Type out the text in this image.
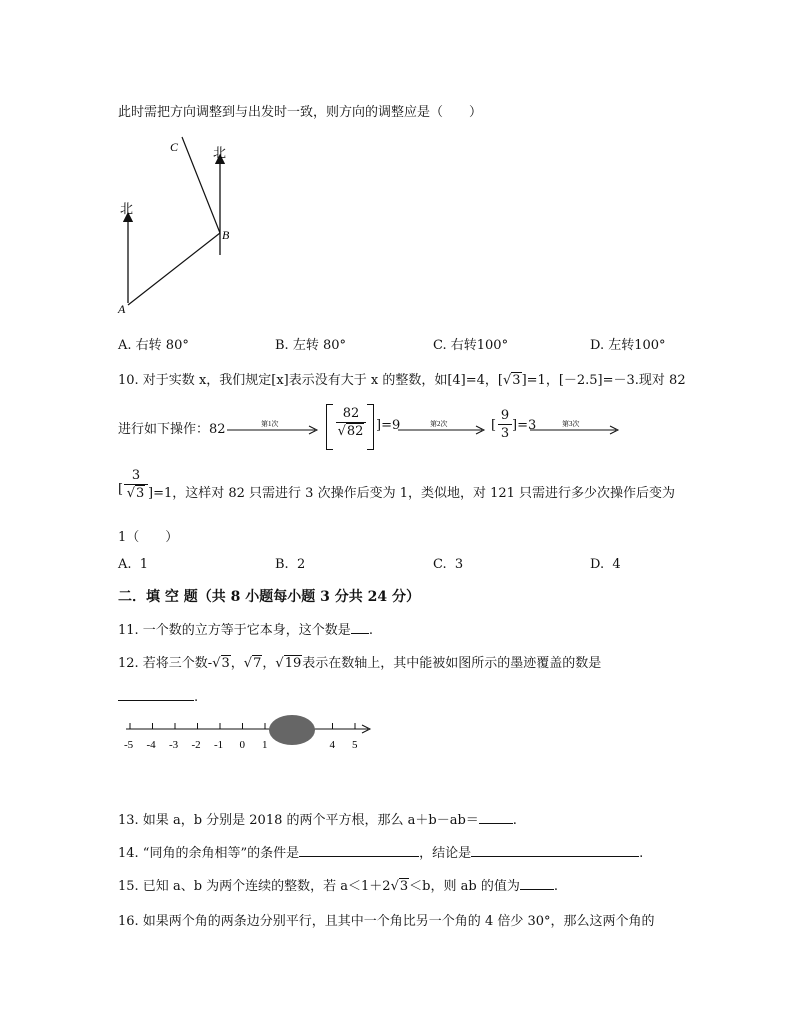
此时需把方向调整到与出发时一致，则方向的调整应是（　　）
北
北
A
B
C
A. 右转 80°	B. 左转 80°	C. 右转100°	D. 左转100°
10. 对于实数 x，我们规定[x]表示没有大于 x 的整数，如[4]=4，[√3]=1，[－2.5]=－3.现对 82
进行如下操作：82	第1次	$\frac{82}{√82} ]=9$	第2次	[ $\frac{9}{3} ]=3$	第3次
[ $\frac{3}{√3} ]=1$，这样对 82 只需进行 3 次操作后变为 1，类似地，对 121 只需进行多少次操作后变为
1（　　）
A. 1	B. 2	C. 3	D. 4
二．填 空 题（共 8 小题每小题 3 分共 24 分）
11. 一个数的立方等于它本身，这个数是 .
12. 若将三个数-√3，√7，√19表示在数轴上，其中能被如图所示的墨迹覆盖的数是
.
-5 -4 -3 -2 -1 0 1	4 5
13. 如果 a，b 分别是 2018 的两个平方根，那么 a＋b－ab＝	.
14. “同角的余角相等”的条件是	，结论是	.
15. 已知 a、b 为两个连续的整数，若 a＜1＋2√3＜b，则 ab 的值为	.
16. 如果两个角的两条边分别平行，且其中一个角比另一个角的 4 倍少 30°，那么这两个角的
